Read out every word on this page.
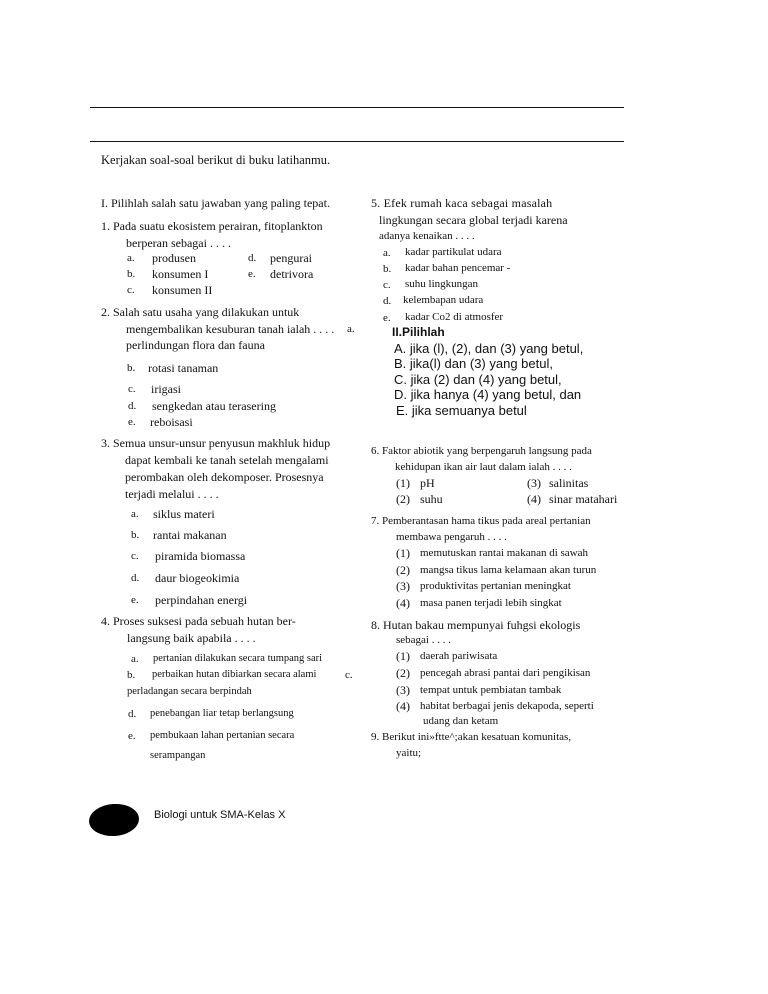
Kerjakan soal-soal berikut di buku latihanmu.
I. Pilihlah salah satu jawaban yang paling tepat.
1. Pada suatu ekosistem perairan, fitoplankton
berperan sebagai . . . .
a. produsen	d. pengurai
b. konsumen I	e. detrivora
c. konsumen II
2. Salah satu usaha yang dilakukan untuk
mengembalikan kesuburan tanah ialah . . . . a.
perlindungan flora dan fauna
b. rotasi tanaman
c. irigasi
d. sengkedan atau terasering
e. reboisasi
3. Semua unsur-unsur penyusun makhluk hidup
dapat kembali ke tanah setelah mengalami
perombakan oleh dekomposer. Prosesnya
terjadi melalui . . . .
a. siklus materi
b. rantai makanan
c. piramida biomassa
d. daur biogeokimia
e. perpindahan energi
4. Proses suksesi pada sebuah hutan ber-
langsung baik apabila . . . .
a. pertanian dilakukan secara tumpang sari
b. perbaikan hutan dibiarkan secara alami	c.
perladangan secara berpindah
d. penebangan liar tetap berlangsung
e. pembukaan lahan pertanian secara
serampangan
5. Efek rumah kaca sebagai masalah
lingkungan secara global terjadi karena
adanya kenaikan . . . .
a. kadar partikulat udara
b. kadar bahan pencemar -
c. suhu lingkungan
d. kelembapan udara
e. kadar Co2 di atmosfer
II.Pilihlah
A. jika (l), (2), dan (3) yang betul,
B. jika(l) dan (3) yang betul,
C. jika (2) dan (4) yang betul,
D. jika hanya (4) yang betul, dan
E. jika semuanya betul
6. Faktor abiotik yang berpengaruh langsung pada
kehidupan ikan air laut dalam ialah . . . .
(1) pH	(3) salinitas
(2) suhu	(4) sinar matahari
7. Pemberantasan hama tikus pada areal pertanian
membawa pengaruh . . . .
(1) memutuskan rantai makanan di sawah
(2) mangsa tikus lama kelamaan akan turun
(3) produktivitas pertanian meningkat
(4) masa panen terjadi lebih singkat
8. Hutan bakau mempunyai fuhgsi ekologis
sebagai . . . .
(1) daerah pariwisata
(2) pencegah abrasi pantai dari pengikisan
(3) tempat untuk pembiatan tambak
(4) habitat berbagai jenis dekapoda, seperti
udang dan ketam
9. Berikut ini»ftte^;akan kesatuan komunitas,
yaitu;
Biologi untuk SMA-Kelas X
